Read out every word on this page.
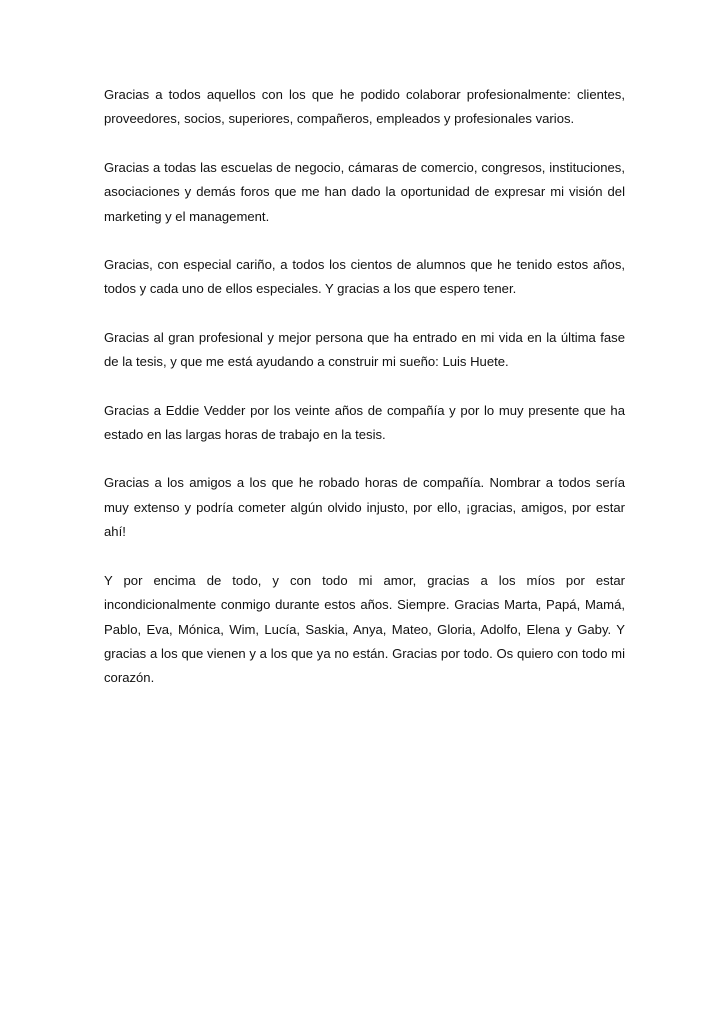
Gracias a todos aquellos con los que he podido colaborar profesionalmente: clientes, proveedores, socios, superiores, compañeros, empleados y profesionales varios.

Gracias a todas las escuelas de negocio, cámaras de comercio, congresos, instituciones, asociaciones y demás foros que me han dado la oportunidad de expresar mi visión del marketing y el management.

Gracias, con especial cariño, a todos los cientos de alumnos que he tenido estos años, todos y cada uno de ellos especiales. Y gracias a los que espero tener.

Gracias al gran profesional y mejor persona que ha entrado en mi vida en la última fase de la tesis, y que me está ayudando a construir mi sueño: Luis Huete.

Gracias a Eddie Vedder por los veinte años de compañía y por lo muy presente que ha estado en las largas horas de trabajo en la tesis.

Gracias a los amigos a los que he robado horas de compañía. Nombrar a todos sería muy extenso y podría cometer algún olvido injusto, por ello, ¡gracias, amigos, por estar ahí!

Y por encima de todo, y con todo mi amor, gracias a los míos por estar incondicionalmente conmigo durante estos años. Siempre. Gracias Marta, Papá, Mamá, Pablo, Eva, Mónica, Wim, Lucía, Saskia, Anya, Mateo, Gloria, Adolfo, Elena y Gaby. Y gracias a los que vienen y a los que ya no están. Gracias por todo. Os quiero con todo mi corazón.
